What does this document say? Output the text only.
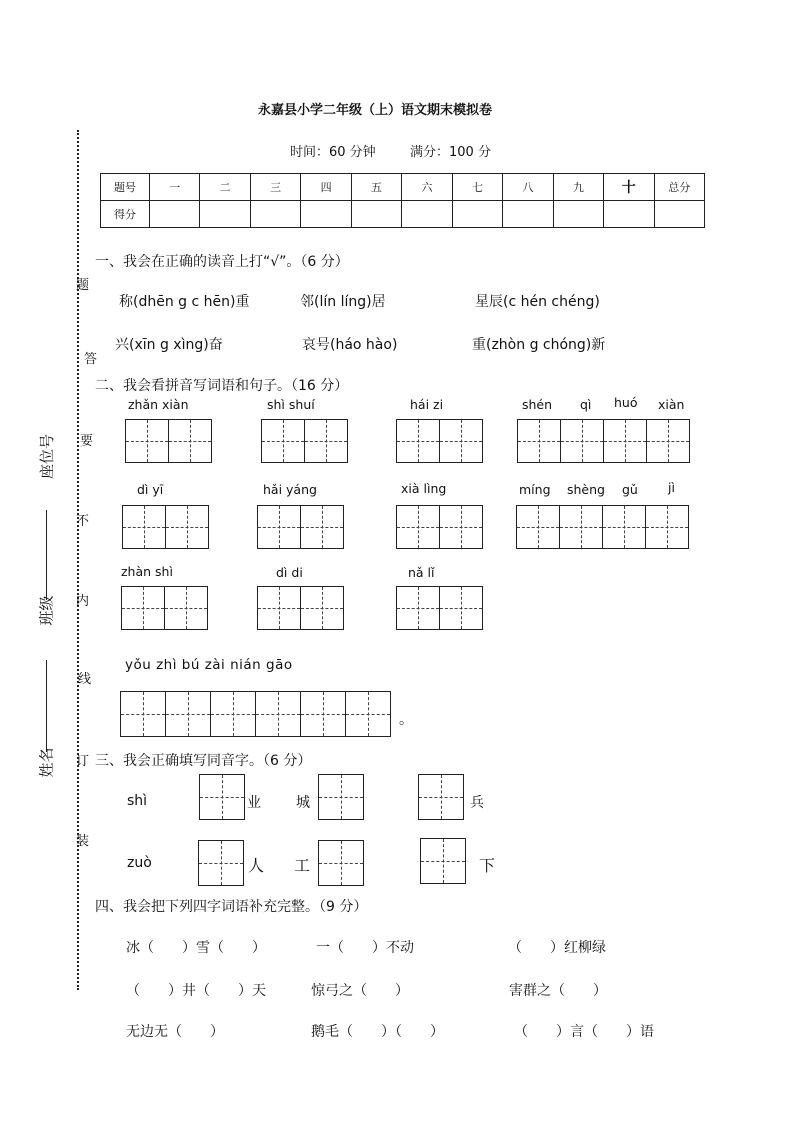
题
答
要
不
内
线
订
装
座位号
班级
姓名
永嘉县小学二年级（上）语文期末模拟卷
时间：60 分钟	满分：100 分
题号	一	二	三	四	五	六	七	八	九	十	总分
得分											
一、我会在正确的读音上打“√”。（6 分）
称(dhēn g c hēn)重	邻(lín líng)居	星辰(c hén chéng)
兴(xīn g xìng)奋	哀号(háo hào)	重(zhòn g chóng)新
二、我会看拼音写词语和句子。（16 分）
zhǎn xiàn	shì shuí	hái zi	shén qì huó xiàn
dì yī	hǎi yáng	xià lìng	míng shèng gǔ jì
zhàn shì	dì di	nǎ lǐ
yǒu zhì bú zài nián gāo
。
三、我会正确填写同音字。（6 分）
shì	业	城	兵
zuò	人 工	下
四、我会把下列四字词语补充完整。（9 分）
冰（　　）雪（　　）	一（　　）不动	（　　）红柳绿
（　　）井（　　）天	惊弓之（　　）	害群之（　　）
无边无（　　）	鹅毛（　　）（　　）	（　　）言（　　）语
